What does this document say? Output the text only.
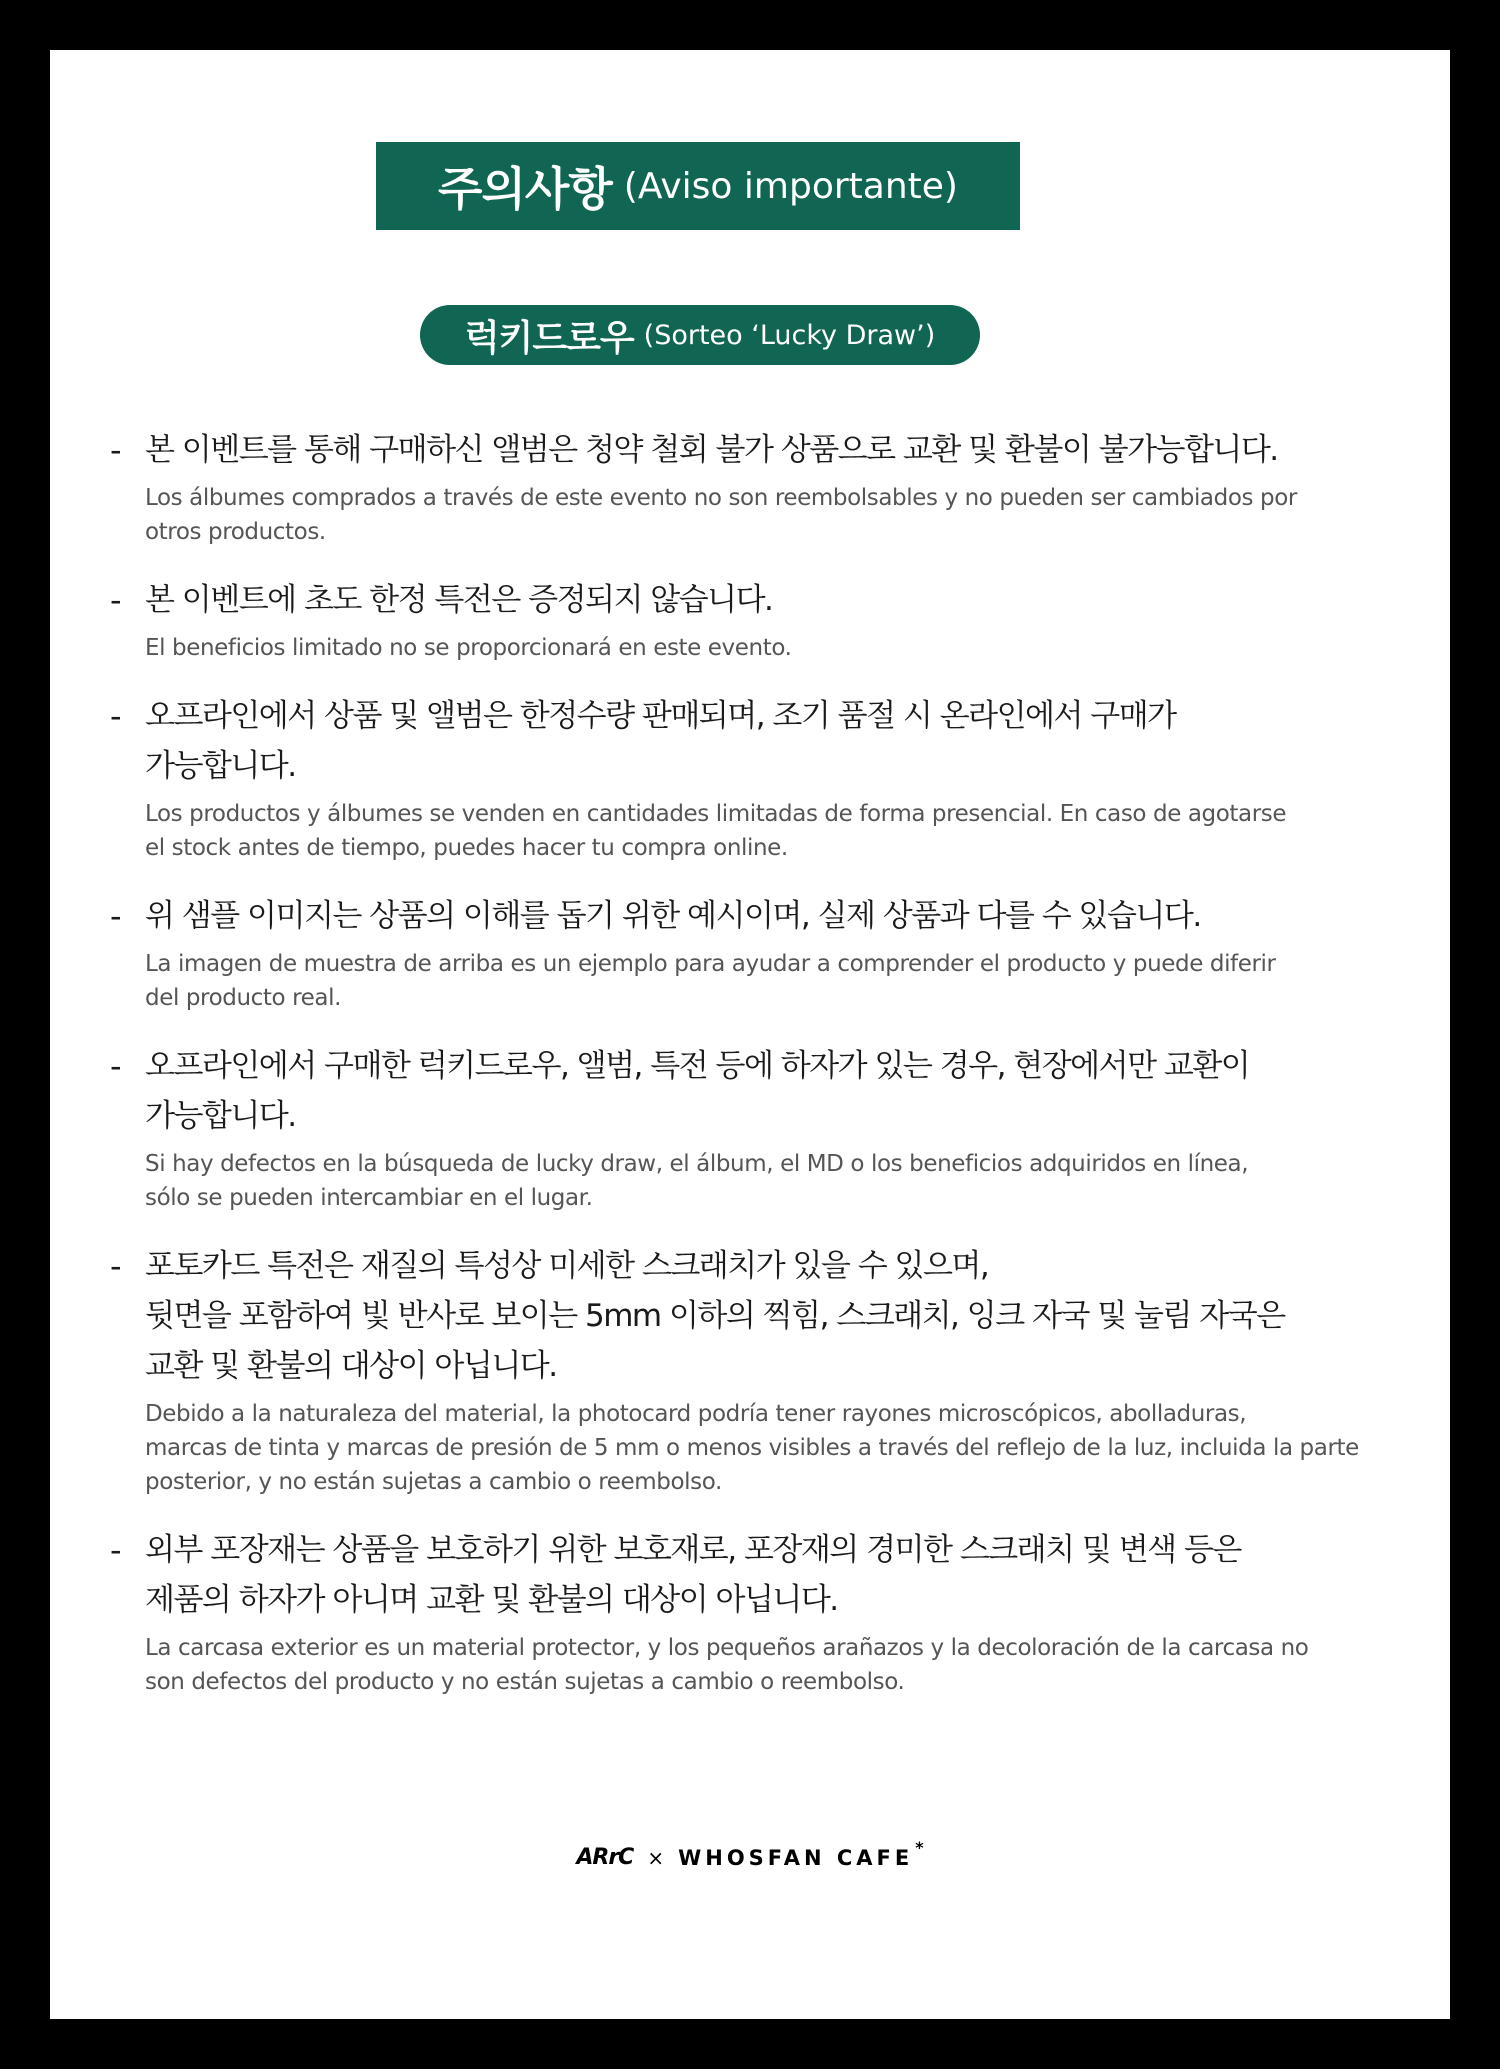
주의사항 (Aviso importante)
럭키드로우 (Sorteo ‘Lucky Draw’)
- 본 이벤트를 통해 구매하신 앨범은 청약 철회 불가 상품으로 교환 및 환불이 불가능합니다.
Los álbumes comprados a través de este evento no son reembolsables y no pueden ser cambiados por
otros productos.
- 본 이벤트에 초도 한정 특전은 증정되지 않습니다.
El beneficios limitado no se proporcionará en este evento.
- 오프라인에서 상품 및 앨범은 한정수량 판매되며, 조기 품절 시 온라인에서 구매가
가능합니다.
Los productos y álbumes se venden en cantidades limitadas de forma presencial. En caso de agotarse
el stock antes de tiempo, puedes hacer tu compra online.
- 위 샘플 이미지는 상품의 이해를 돕기 위한 예시이며, 실제 상품과 다를 수 있습니다.
La imagen de muestra de arriba es un ejemplo para ayudar a comprender el producto y puede diferir
del producto real.
- 오프라인에서 구매한 럭키드로우, 앨범, 특전 등에 하자가 있는 경우, 현장에서만 교환이
가능합니다.
Si hay defectos en la búsqueda de lucky draw, el álbum, el MD o los beneficios adquiridos en línea,
sólo se pueden intercambiar en el lugar.
- 포토카드 특전은 재질의 특성상 미세한 스크래치가 있을 수 있으며,
뒷면을 포함하여 빛 반사로 보이는 5mm 이하의 찍힘, 스크래치, 잉크 자국 및 눌림 자국은
교환 및 환불의 대상이 아닙니다.
Debido a la naturaleza del material, la photocard podría tener rayones microscópicos, abolladuras,
marcas de tinta y marcas de presión de 5 mm o menos visibles a través del reflejo de la luz, incluida la parte
posterior, y no están sujetas a cambio o reembolso.
- 외부 포장재는 상품을 보호하기 위한 보호재로, 포장재의 경미한 스크래치 및 변색 등은
제품의 하자가 아니며 교환 및 환불의 대상이 아닙니다.
La carcasa exterior es un material protector, y los pequeños arañazos y la decoloración de la carcasa no
son defectos del producto y no están sujetas a cambio o reembolso.
ARrC × WHOSFAN CAFE *
